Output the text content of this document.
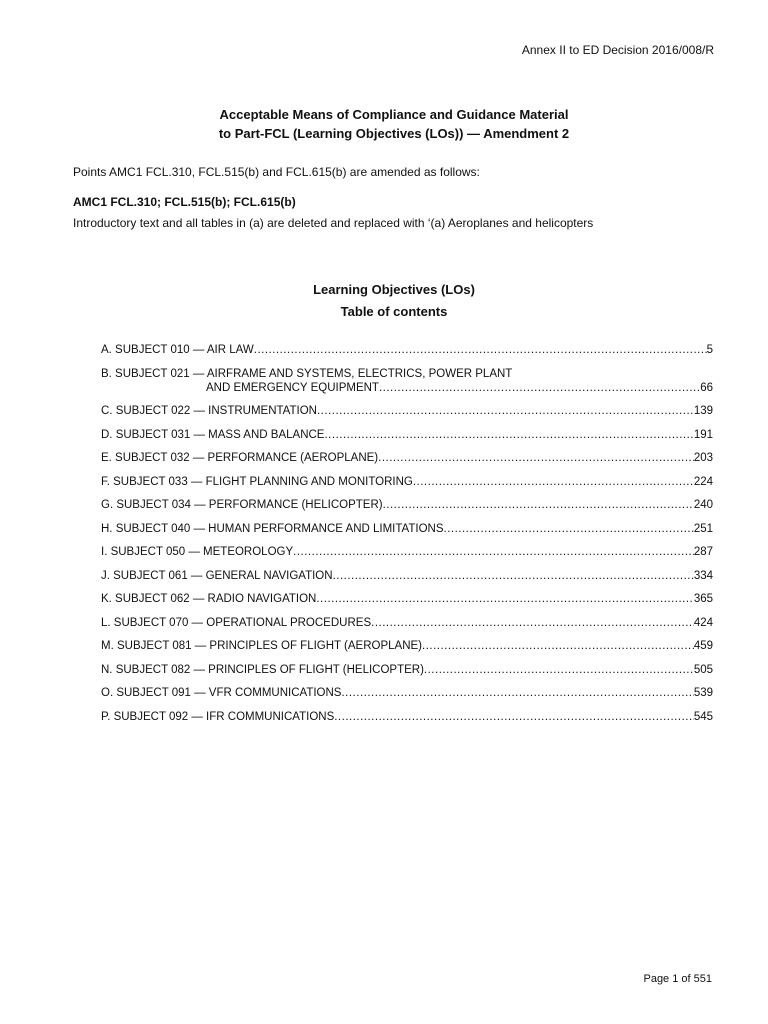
Annex II to ED Decision 2016/008/R
Acceptable Means of Compliance and Guidance Material
to Part-FCL (Learning Objectives (LOs)) — Amendment 2
Points AMC1 FCL.310, FCL.515(b) and FCL.615(b) are amended as follows:
AMC1 FCL.310; FCL.515(b); FCL.615(b)
Introductory text and all tables in (a) are deleted and replaced with ‘(a) Aeroplanes and helicopters
Learning Objectives (LOs)
Table of contents
A. SUBJECT 010 — AIR LAW .....	5
B. SUBJECT 021 — AIRFRAME AND SYSTEMS, ELECTRICS, POWER PLANT
AND EMERGENCY EQUIPMENT .....	66
C. SUBJECT 022 — INSTRUMENTATION .....	139
D. SUBJECT 031 — MASS AND BALANCE .....	191
E. SUBJECT 032 — PERFORMANCE (AEROPLANE) .....	203
F. SUBJECT 033 — FLIGHT PLANNING AND MONITORING .....	224
G. SUBJECT 034 — PERFORMANCE (HELICOPTER) .....	240
H. SUBJECT 040 — HUMAN PERFORMANCE AND LIMITATIONS .....	251
I. SUBJECT 050 — METEOROLOGY .....	287
J. SUBJECT 061 — GENERAL NAVIGATION .....	334
K. SUBJECT 062 — RADIO NAVIGATION .....	365
L. SUBJECT 070 — OPERATIONAL PROCEDURES .....	424
M. SUBJECT 081 — PRINCIPLES OF FLIGHT (AEROPLANE) .....	459
N. SUBJECT 082 — PRINCIPLES OF FLIGHT (HELICOPTER) .....	505
O. SUBJECT 091 — VFR COMMUNICATIONS .....	539
P. SUBJECT 092 — IFR COMMUNICATIONS .....	545
Page 1 of 551
